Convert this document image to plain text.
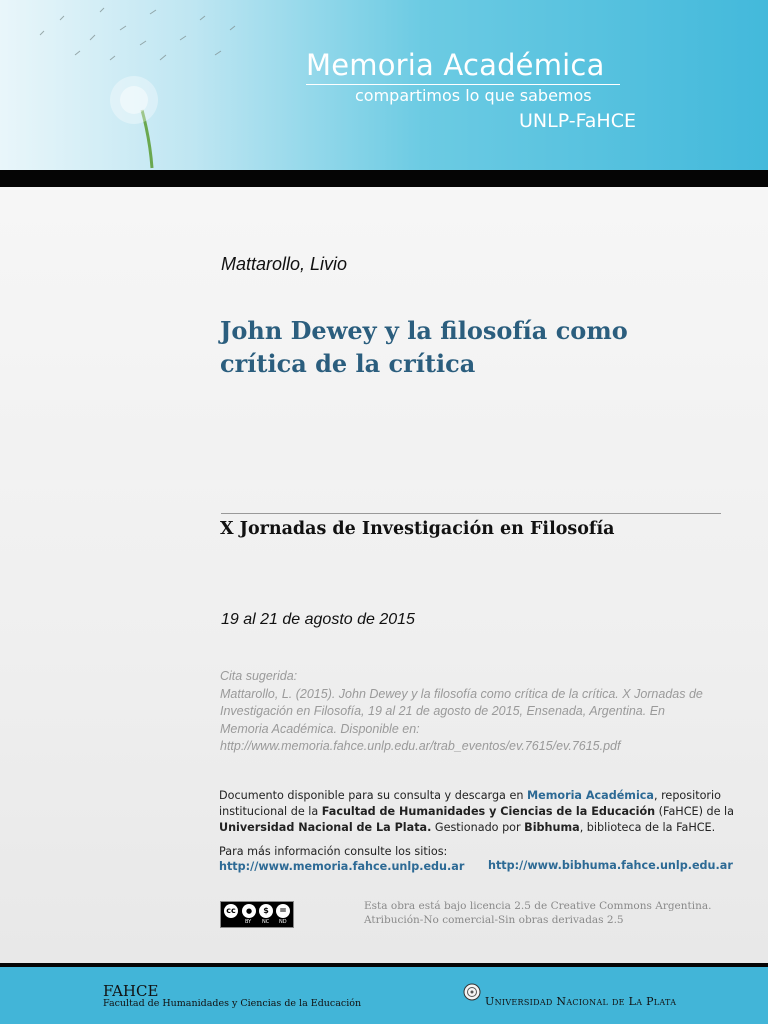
Memoria Académica
compartimos lo que sabemos
UNLP-FaHCE
Mattarollo, Livio
John Dewey y la filosofía como
crítica de la crítica
X Jornadas de Investigación en Filosofía
19 al 21 de agosto de 2015
Cita sugerida:
Mattarollo, L. (2015). John Dewey y la filosofía como crítica de la crítica. X Jornadas de
Investigación en Filosofía, 19 al 21 de agosto de 2015, Ensenada, Argentina. En
Memoria Académica. Disponible en:
http://www.memoria.fahce.unlp.edu.ar/trab_eventos/ev.7615/ev.7615.pdf
Documento disponible para su consulta y descarga en Memoria Académica, repositorio
institucional de la Facultad de Humanidades y Ciencias de la Educación (FaHCE) de la
Universidad Nacional de La Plata. Gestionado por Bibhuma, biblioteca de la FaHCE.
Para más información consulte los sitios:
http://www.memoria.fahce.unlp.edu.ar http://www.bibhuma.fahce.unlp.edu.ar
cc	●	$	=
BY NC ND
Esta obra está bajo licencia 2.5 de Creative Commons Argentina.
Atribución-No comercial-Sin obras derivadas 2.5
FAHCE
Facultad de Humanidades y Ciencias de la Educación	Universidad Nacional de La Plata
